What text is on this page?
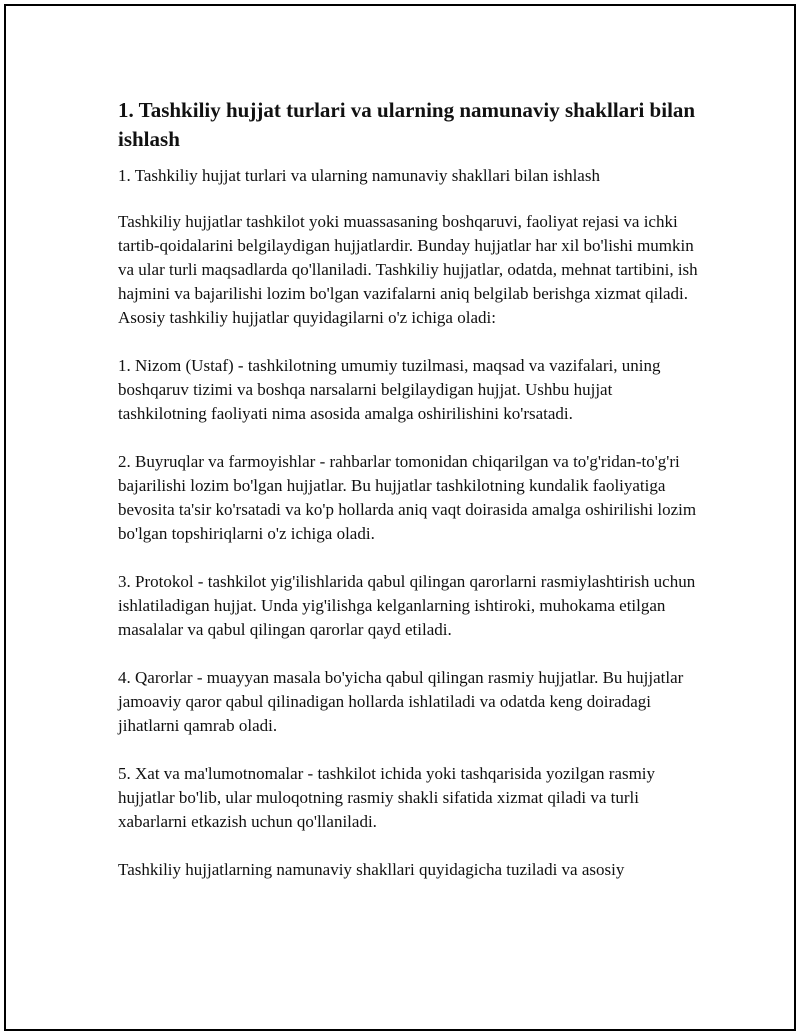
1. Tashkiliy hujjat turlari va ularning namunaviy shakllari bilan ishlash
1. Tashkiliy hujjat turlari va ularning namunaviy shakllari bilan ishlash

Tashkiliy hujjatlar tashkilot yoki muassasaning boshqaruvi, faoliyat rejasi va ichki tartib-qoidalarini belgilaydigan hujjatlardir. Bunday hujjatlar har xil bo'lishi mumkin va ular turli maqsadlarda qo'llaniladi. Tashkiliy hujjatlar, odatda, mehnat tartibini, ish hajmini va bajarilishi lozim bo'lgan vazifalarni aniq belgilab berishga xizmat qiladi. Asosiy tashkiliy hujjatlar quyidagilarni o'z ichiga oladi:

1. Nizom (Ustaf) - tashkilotning umumiy tuzilmasi, maqsad va vazifalari, uning boshqaruv tizimi va boshqa narsalarni belgilaydigan hujjat. Ushbu hujjat tashkilotning faoliyati nima asosida amalga oshirilishini ko'rsatadi.

2. Buyruqlar va farmoyishlar - rahbarlar tomonidan chiqarilgan va to'g'ridan-to'g'ri bajarilishi lozim bo'lgan hujjatlar. Bu hujjatlar tashkilotning kundalik faoliyatiga bevosita ta'sir ko'rsatadi va ko'p hollarda aniq vaqt doirasida amalga oshirilishi lozim bo'lgan topshiriqlarni o'z ichiga oladi.

3. Protokol - tashkilot yig'ilishlarida qabul qilingan qarorlarni rasmiylashtirish uchun ishlatiladigan hujjat. Unda yig'ilishga kelganlarning ishtiroki, muhokama etilgan masalalar va qabul qilingan qarorlar qayd etiladi.

4. Qarorlar - muayyan masala bo'yicha qabul qilingan rasmiy hujjatlar. Bu hujjatlar jamoaviy qaror qabul qilinadigan hollarda ishlatiladi va odatda keng doiradagi jihatlarni qamrab oladi.

5. Xat va ma'lumotnomalar - tashkilot ichida yoki tashqarisida yozilgan rasmiy hujjatlar bo'lib, ular muloqotning rasmiy shakli sifatida xizmat qiladi va turli xabarlarni etkazish uchun qo'llaniladi.

Tashkiliy hujjatlarning namunaviy shakllari quyidagicha tuziladi va asosiy
